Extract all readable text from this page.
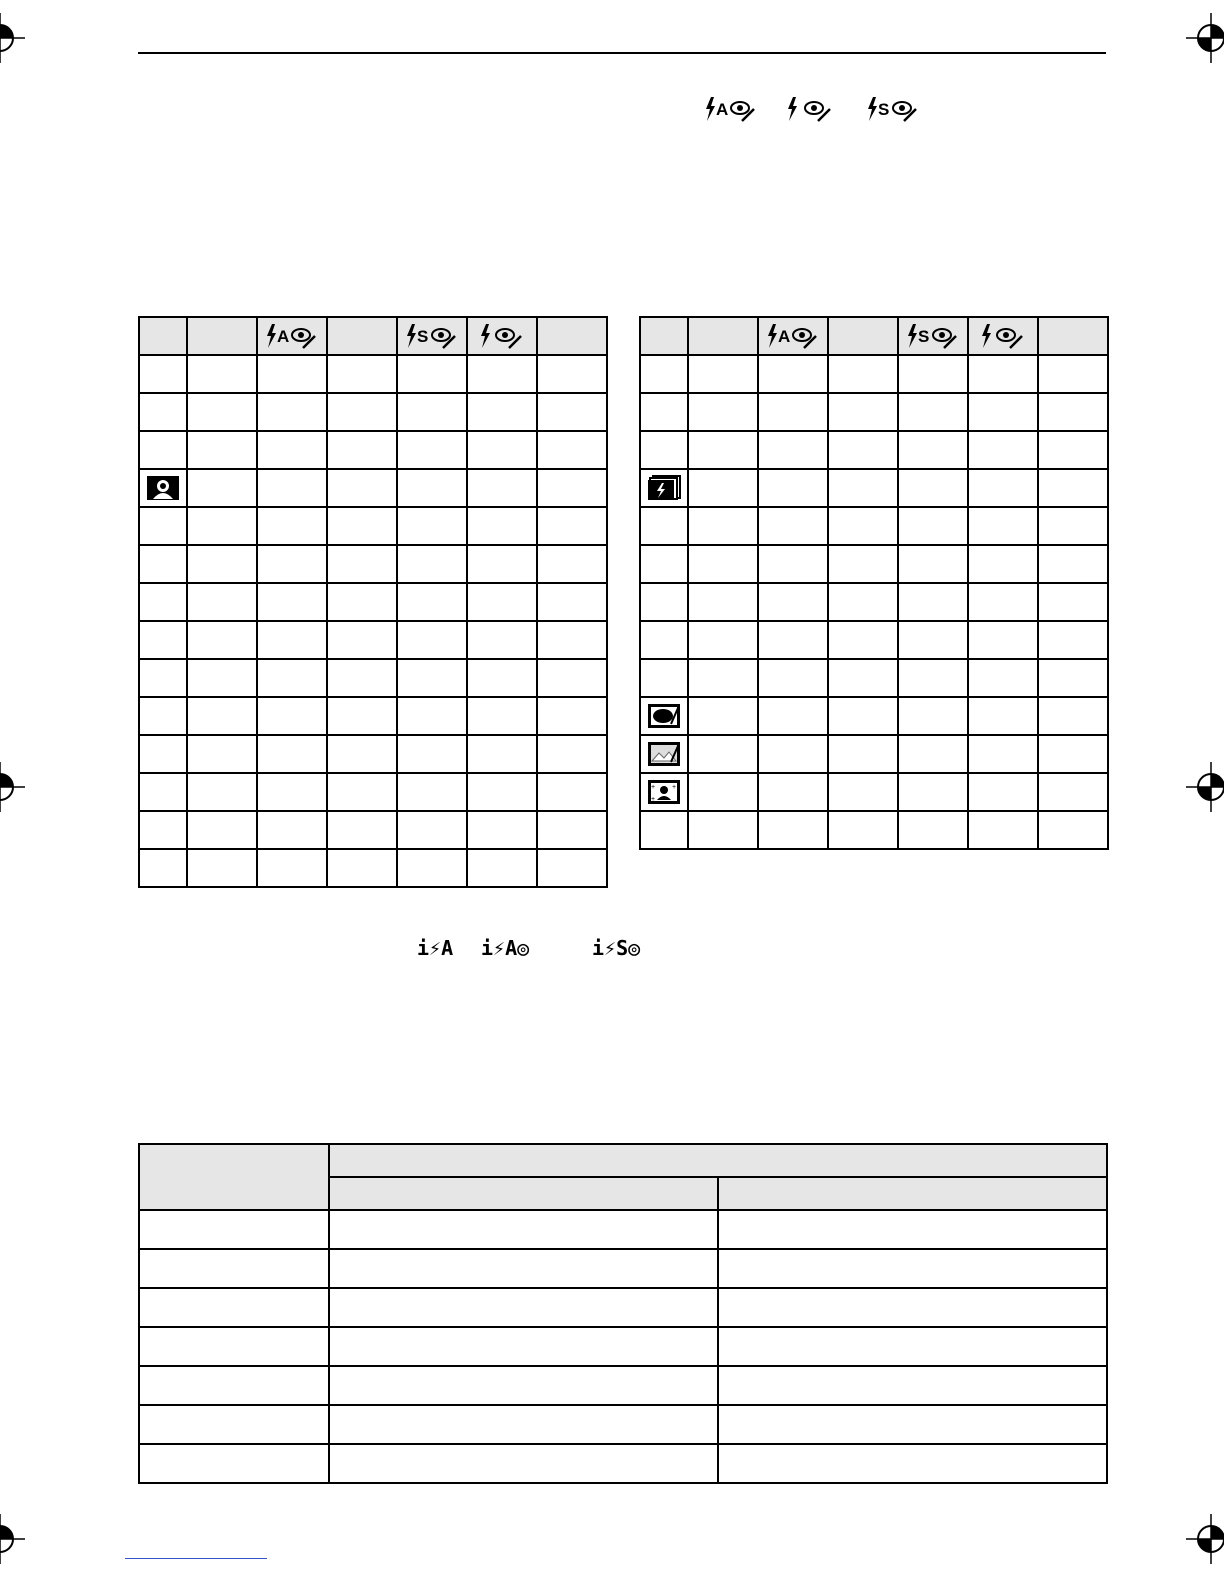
A	S

A		S

A		S

+ +
+						

i⚡A i⚡A◎	i⚡S◎
